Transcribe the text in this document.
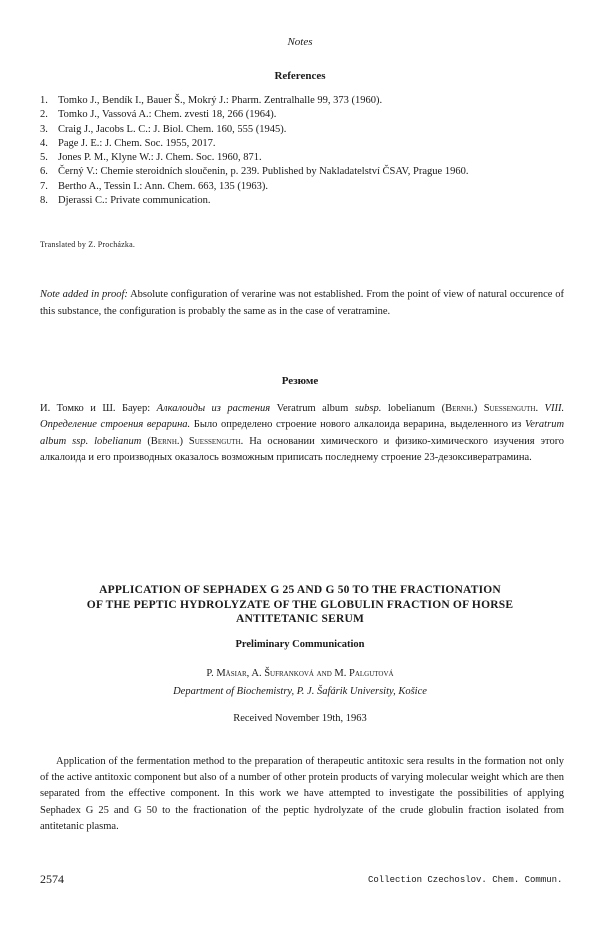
Notes
References
1. Tomko J., Bendík I., Bauer Š., Mokrý J.: Pharm. Zentralhalle 99, 373 (1960).
2. Tomko J., Vassová A.: Chem. zvesti 18, 266 (1964).
3. Craig J., Jacobs L. C.: J. Biol. Chem. 160, 555 (1945).
4. Page J. E.: J. Chem. Soc. 1955, 2017.
5. Jones P. M., Klyne W.: J. Chem. Soc. 1960, 871.
6. Černý V.: Chemie steroidních sloučenin, p. 239. Published by Nakladatelství ČSAV, Prague 1960.
7. Bertho A., Tessin I.: Ann. Chem. 663, 135 (1963).
8. Djerassi C.: Private communication.
Translated by Z. Procházka.
Note added in proof: Absolute configuration of verarine was not established. From the point of view of natural occurence of this substance, the configuration is probably the same as in the case of veratramine.
Резюме
И. Томко и Ш. Бауер: Алкалоиды из растения Veratrum album subsp. lobelianum (Bernh.) Suessenguth. VIII. Определение строения верарина. Было определено строение нового алкалоида верарина, выделенного из Veratrum album ssp. lobelianum (Bernh.) Suessenguth. На основании химического и физико-химического изучения этого алкалоида и его производных оказалось возможным приписать последнему строение 23-дезоксивератрамина.
APPLICATION OF SEPHADEX G 25 AND G 50 TO THE FRACTIONATION
OF THE PEPTIC HYDROLYZATE OF THE GLOBULIN FRACTION OF HORSE
ANTITETANIC SERUM
Preliminary Communication
P. Mäsiar, A. Šufranková and M. Palgutová
Department of Biochemistry, P. J. Šafárik University, Košice
Received November 19th, 1963
Application of the fermentation method to the preparation of therapeutic antitoxic sera results in the formation not only of the active antitoxic component but also of a number of other protein products of varying molecular weight which are then separated from the effective component. In this work we have attempted to investigate the possibilities of applying Sephadex G 25 and G 50 to the fractionation of the peptic hydrolyzate of the crude globulin fraction isolated from antitetanic plasma.
2574	Collection Czechoslov. Chem. Commun.
